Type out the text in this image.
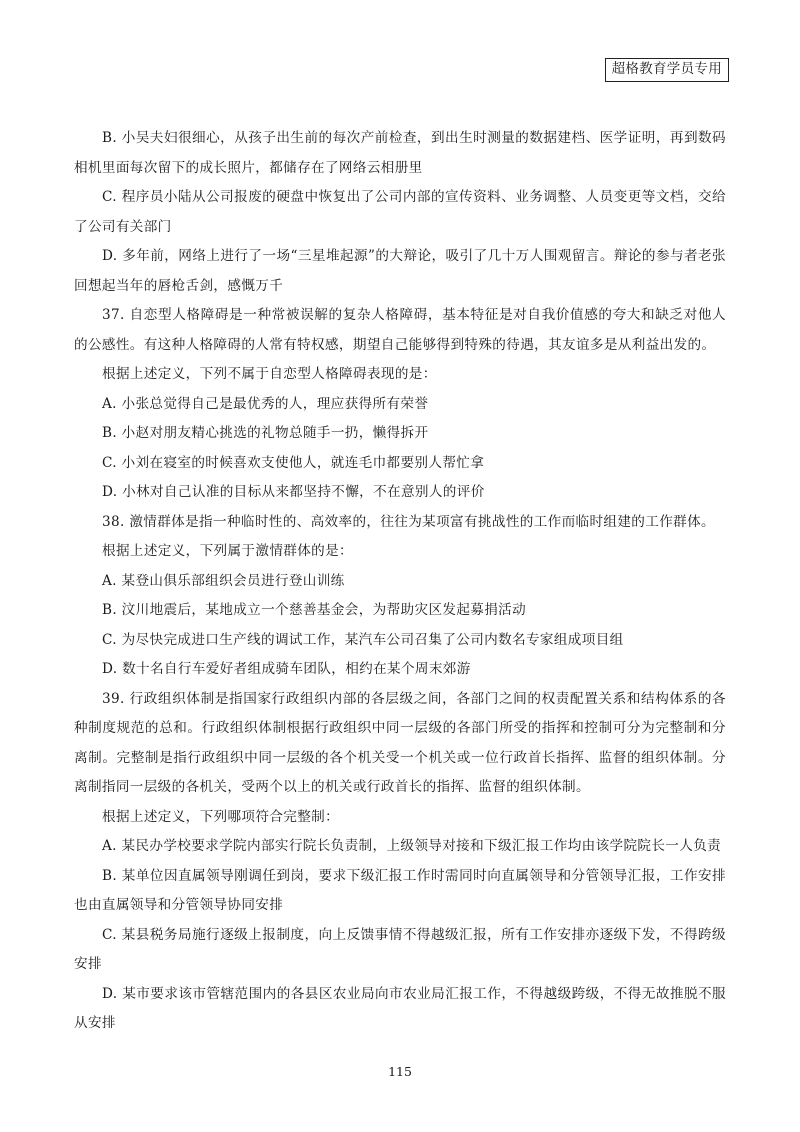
超格教育学员专用

B. 小吴夫妇很细心，从孩子出生前的每次产前检查，到出生时测量的数据建档、医学证明，再到数码相机里面每次留下的成长照片，都储存在了网络云相册里

C. 程序员小陆从公司报废的硬盘中恢复出了公司内部的宣传资料、业务调整、人员变更等文档，交给了公司有关部门

D. 多年前，网络上进行了一场“三星堆起源”的大辩论，吸引了几十万人围观留言。辩论的参与者老张回想起当年的唇枪舌剑，感慨万千

37. 自恋型人格障碍是一种常被误解的复杂人格障碍，基本特征是对自我价值感的夸大和缺乏对他人的公感性。有这种人格障碍的人常有特权感，期望自己能够得到特殊的待遇，其友谊多是从利益出发的。

根据上述定义，下列不属于自恋型人格障碍表现的是：

A. 小张总觉得自己是最优秀的人，理应获得所有荣誉

B. 小赵对朋友精心挑选的礼物总随手一扔，懒得拆开

C. 小刘在寝室的时候喜欢支使他人，就连毛巾都要别人帮忙拿

D. 小林对自己认准的目标从来都坚持不懈，不在意别人的评价

38. 激情群体是指一种临时性的、高效率的，往往为某项富有挑战性的工作而临时组建的工作群体。

根据上述定义，下列属于激情群体的是：

A. 某登山俱乐部组织会员进行登山训练

B. 汶川地震后，某地成立一个慈善基金会，为帮助灾区发起募捐活动

C. 为尽快完成进口生产线的调试工作，某汽车公司召集了公司内数名专家组成项目组

D. 数十名自行车爱好者组成骑车团队，相约在某个周末郊游

39. 行政组织体制是指国家行政组织内部的各层级之间，各部门之间的权责配置关系和结构体系的各种制度规范的总和。行政组织体制根据行政组织中同一层级的各部门所受的指挥和控制可分为完整制和分离制。完整制是指行政组织中同一层级的各个机关受一个机关或一位行政首长指挥、监督的组织体制。分离制指同一层级的各机关，受两个以上的机关或行政首长的指挥、监督的组织体制。

根据上述定义，下列哪项符合完整制：

A. 某民办学校要求学院内部实行院长负责制，上级领导对接和下级汇报工作均由该学院院长一人负责

B. 某单位因直属领导刚调任到岗，要求下级汇报工作时需同时向直属领导和分管领导汇报，工作安排也由直属领导和分管领导协同安排

C. 某县税务局施行逐级上报制度，向上反馈事情不得越级汇报，所有工作安排亦逐级下发，不得跨级安排

D. 某市要求该市管辖范围内的各县区农业局向市农业局汇报工作，不得越级跨级，不得无故推脱不服从安排

115
